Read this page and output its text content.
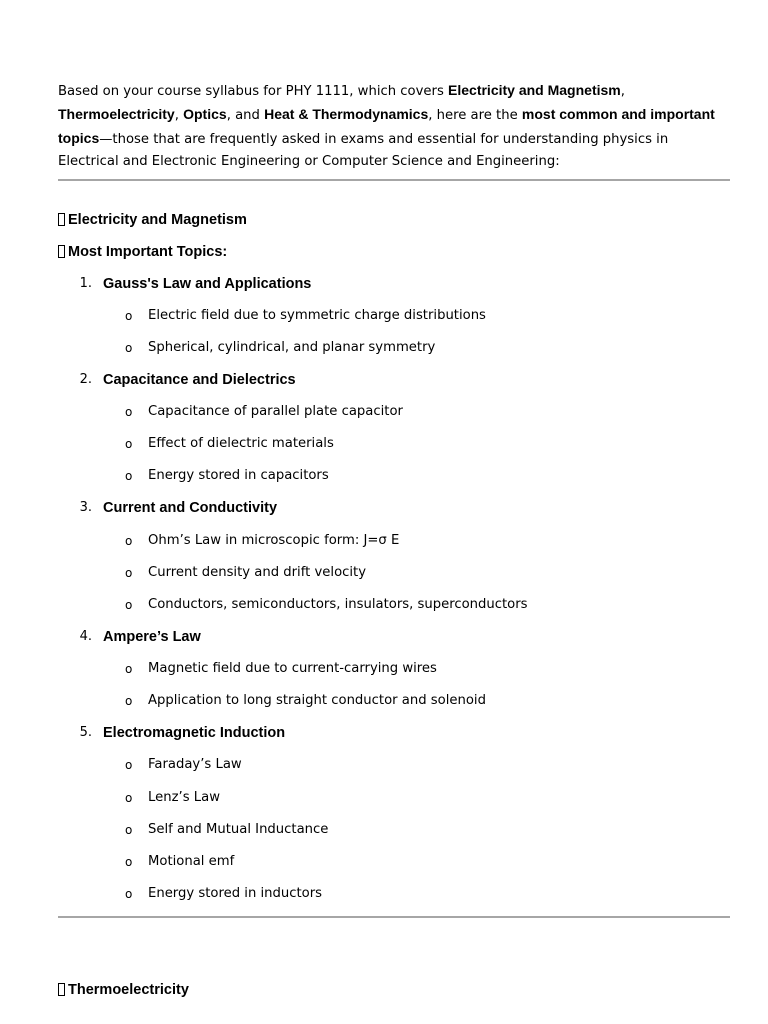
Based on your course syllabus for PHY 1111, which covers Electricity and Magnetism, Thermoelectricity, Optics, and Heat & Thermodynamics, here are the most common and important topics—those that are frequently asked in exams and essential for understanding physics in Electrical and Electronic Engineering or Computer Science and Engineering:

Electricity and Magnetism
Most Important Topics:
1. Gauss's Law and Applications
o Electric field due to symmetric charge distributions
o Spherical, cylindrical, and planar symmetry
2. Capacitance and Dielectrics
o Capacitance of parallel plate capacitor
o Effect of dielectric materials
o Energy stored in capacitors
3. Current and Conductivity
o Ohm’s Law in microscopic form: J=σ E
o Current density and drift velocity
o Conductors, semiconductors, insulators, superconductors
4. Ampere’s Law
o Magnetic field due to current-carrying wires
o Application to long straight conductor and solenoid
5. Electromagnetic Induction
o Faraday’s Law
o Lenz’s Law
o Self and Mutual Inductance
o Motional emf
o Energy stored in inductors
Thermoelectricity
